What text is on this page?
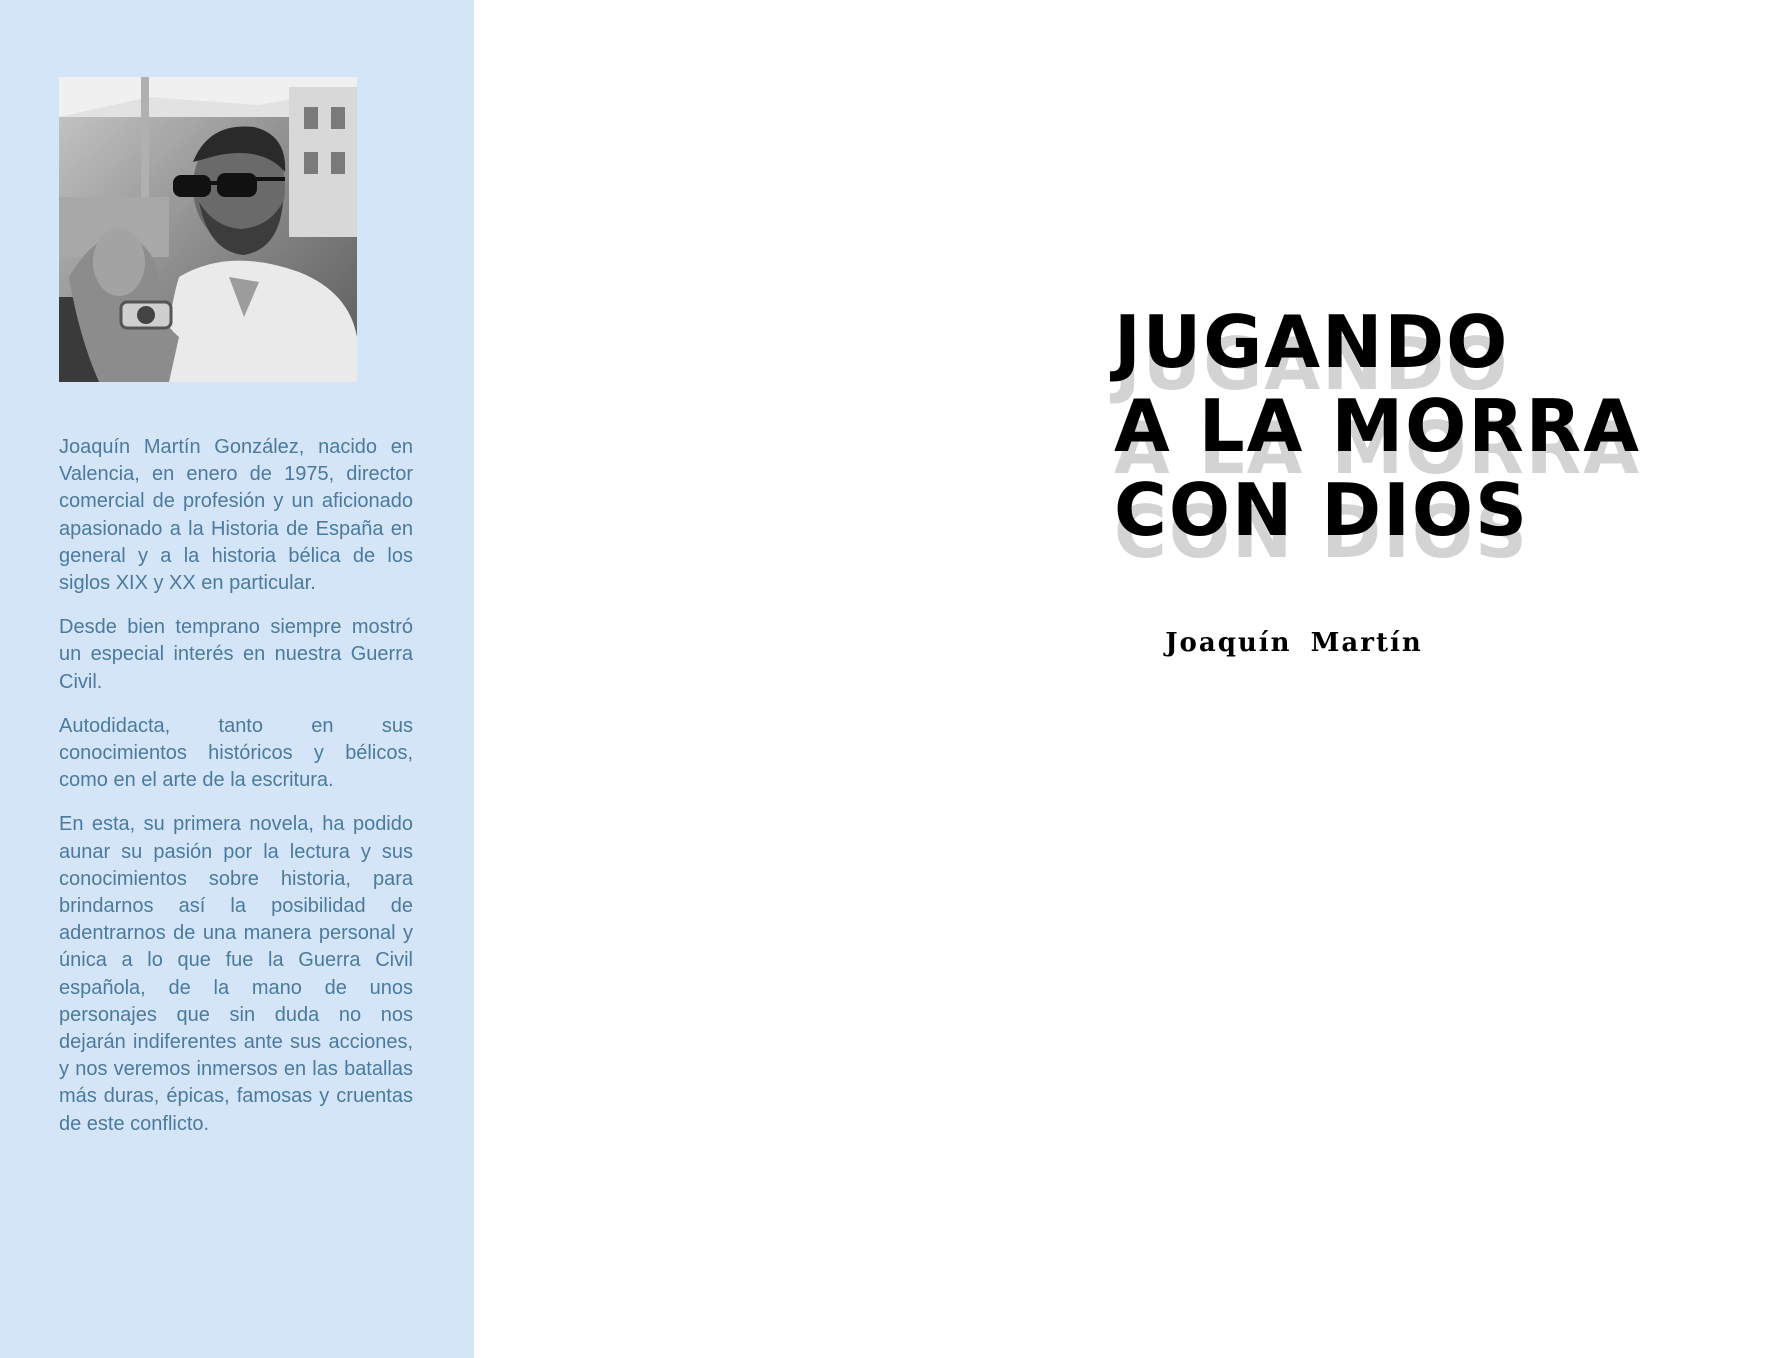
Joaquín Martín González, nacido en Valencia, en enero de 1975, director comercial de profesión y un aficionado apasionado a la Historia de España en general y a la historia bélica de los siglos XIX y XX en particular.

Desde bien temprano siempre mostró un especial interés en nuestra Guerra Civil.

Autodidacta, tanto en sus conocimientos históricos y bélicos, como en el arte de la escritura.

En esta, su primera novela, ha podido aunar su pasión por la lectura y sus conocimientos sobre historia, para brindarnos así la posibilidad de adentrarnos de una manera personal y única a lo que fue la Guerra Civil española, de la mano de unos personajes que sin duda no nos dejarán indiferentes ante sus acciones, y nos veremos inmersos en las batallas más duras, épicas, famosas y cruentas de este conflicto.

JUGANDO
A LA MORRA
CON DIOS
Joaquín Martín
